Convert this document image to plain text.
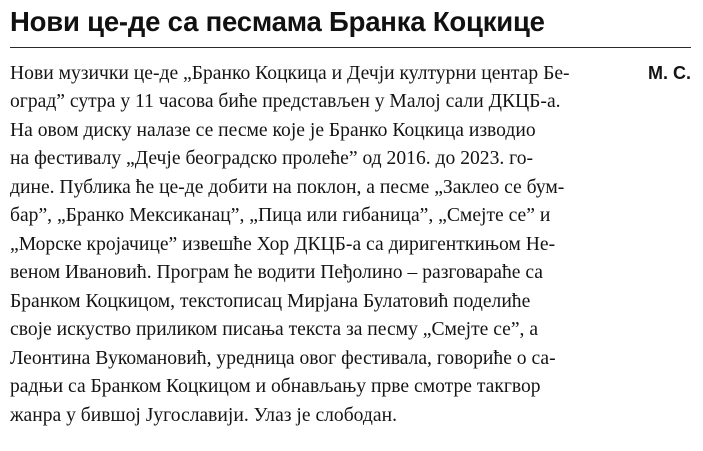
Нови це-де са песмама Бранка Коцкице
М. С.
Нови музички це-де „Бранко Коцкица и Дечји културни центар Бе-
оград” сутра у 11 часова биће представљен у Малој сали ДКЦБ-а.
На овом диску налазе се песме које је Бранко Коцкица изводио
на фестивалу „Дечје београдско пролеће” од 2016. до 2023. го-
дине. Публика ће це-де добити на поклон, а песме „Заклео се бум-
бар”, „Бранко Мексиканац”, „Пица или гибаница”, „Смејте се” и
„Морске кројачице” извешће Хор ДКЦБ-а са диригенткињом Не-
веном Ивановић. Програм ће водити Пеђолино – разговараће са
Бранком Коцкицом, текстописац Мирјана Булатовић поделиће
своје искуство приликом писања текста за песму „Смејте се”, а
Леонтина Вукомановић, уредница овог фестивала, говориће о са-
радњи са Бранком Коцкицом и обнављању прве смотре такгвор
жанра у бившој Југославији. Улаз је слободан.
